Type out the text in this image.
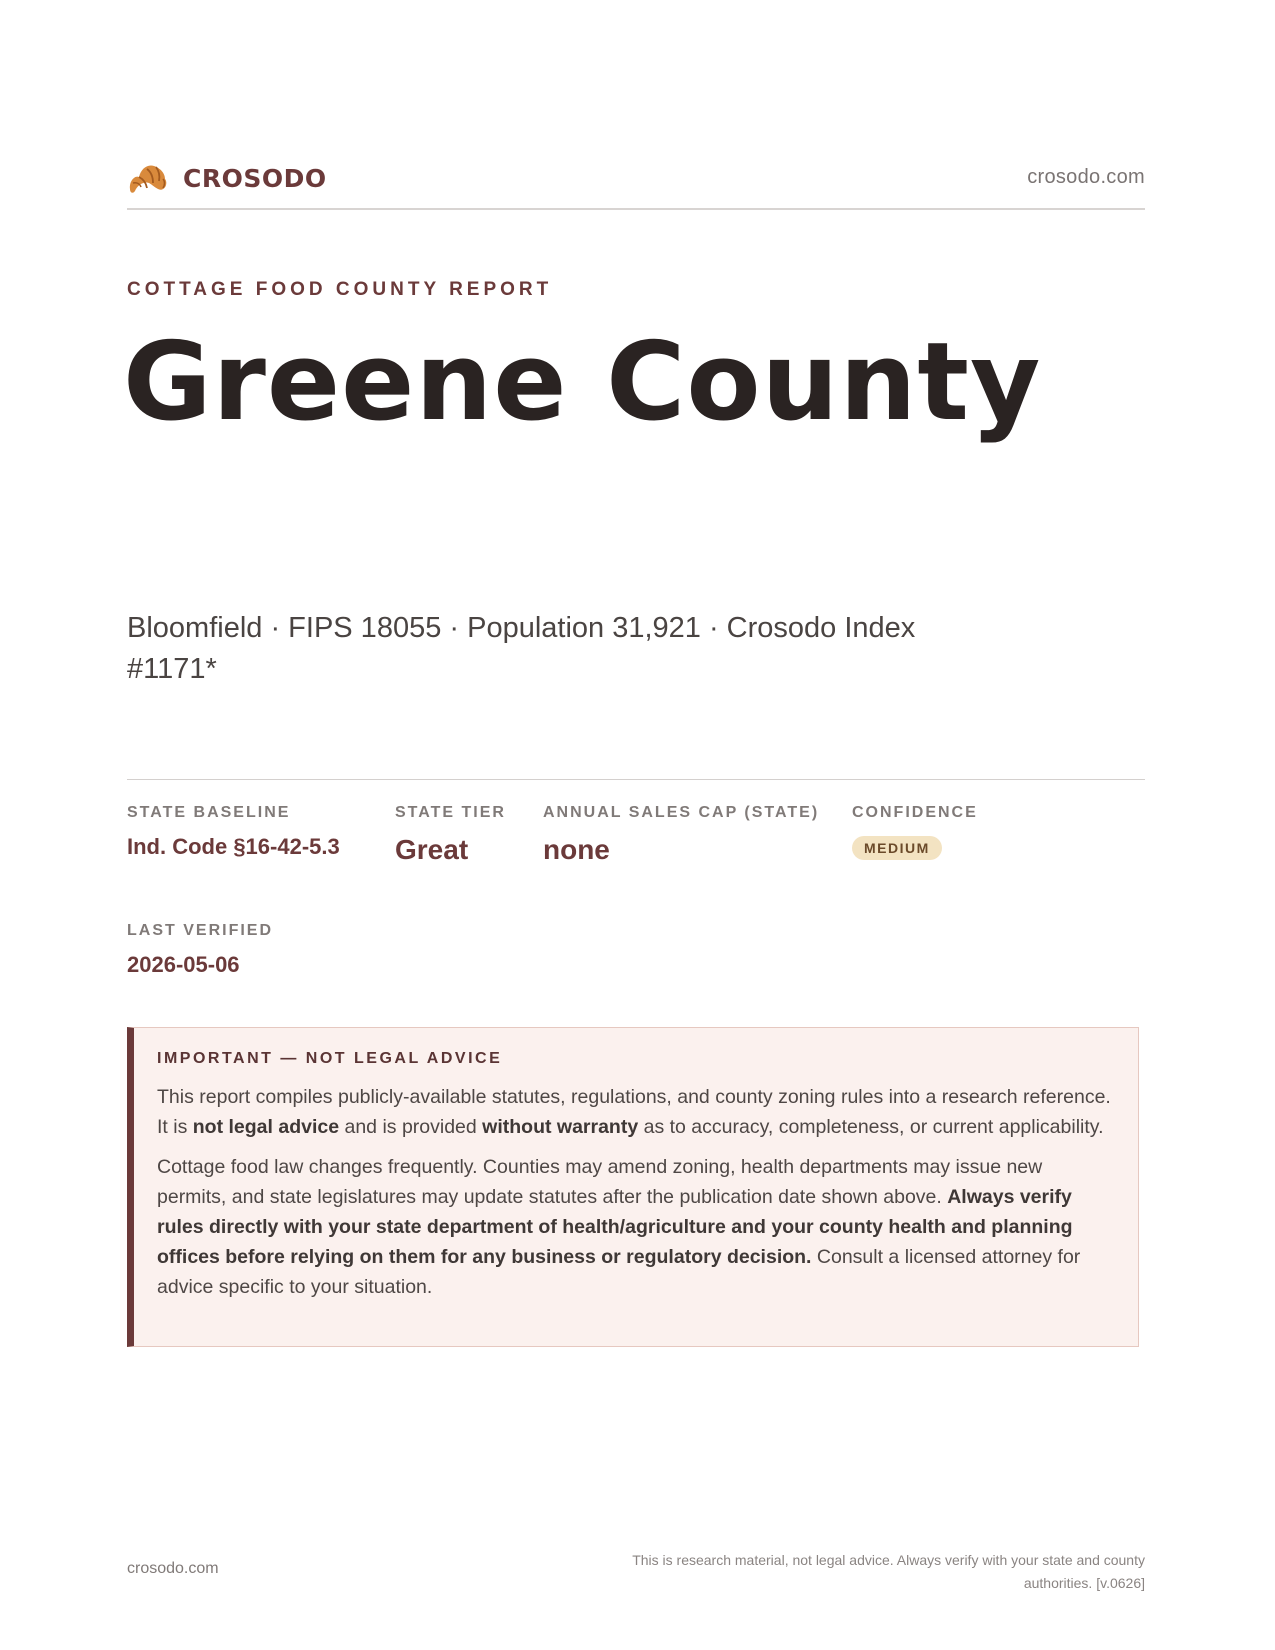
CROSODO	crosodo.com
COTTAGE FOOD COUNTY REPORT
Greene County
Bloomfield · FIPS 18055 · Population 31,921 · Crosodo Index #1171*
STATE BASELINE
Ind. Code §16-42-5.3
STATE TIER
Great
ANNUAL SALES CAP (STATE)
none
CONFIDENCE
MEDIUM
LAST VERIFIED
2026-05-06
IMPORTANT — NOT LEGAL ADVICE

This report compiles publicly-available statutes, regulations, and county zoning rules into a research reference. It is not legal advice and is provided without warranty as to accuracy, completeness, or current applicability.

Cottage food law changes frequently. Counties may amend zoning, health departments may issue new permits, and state legislatures may update statutes after the publication date shown above. Always verify rules directly with your state department of health/agriculture and your county health and planning offices before relying on them for any business or regulatory decision. Consult a licensed attorney for advice specific to your situation.

crosodo.com	This is research material, not legal advice. Always verify with your state and county authorities. [v.0626]
